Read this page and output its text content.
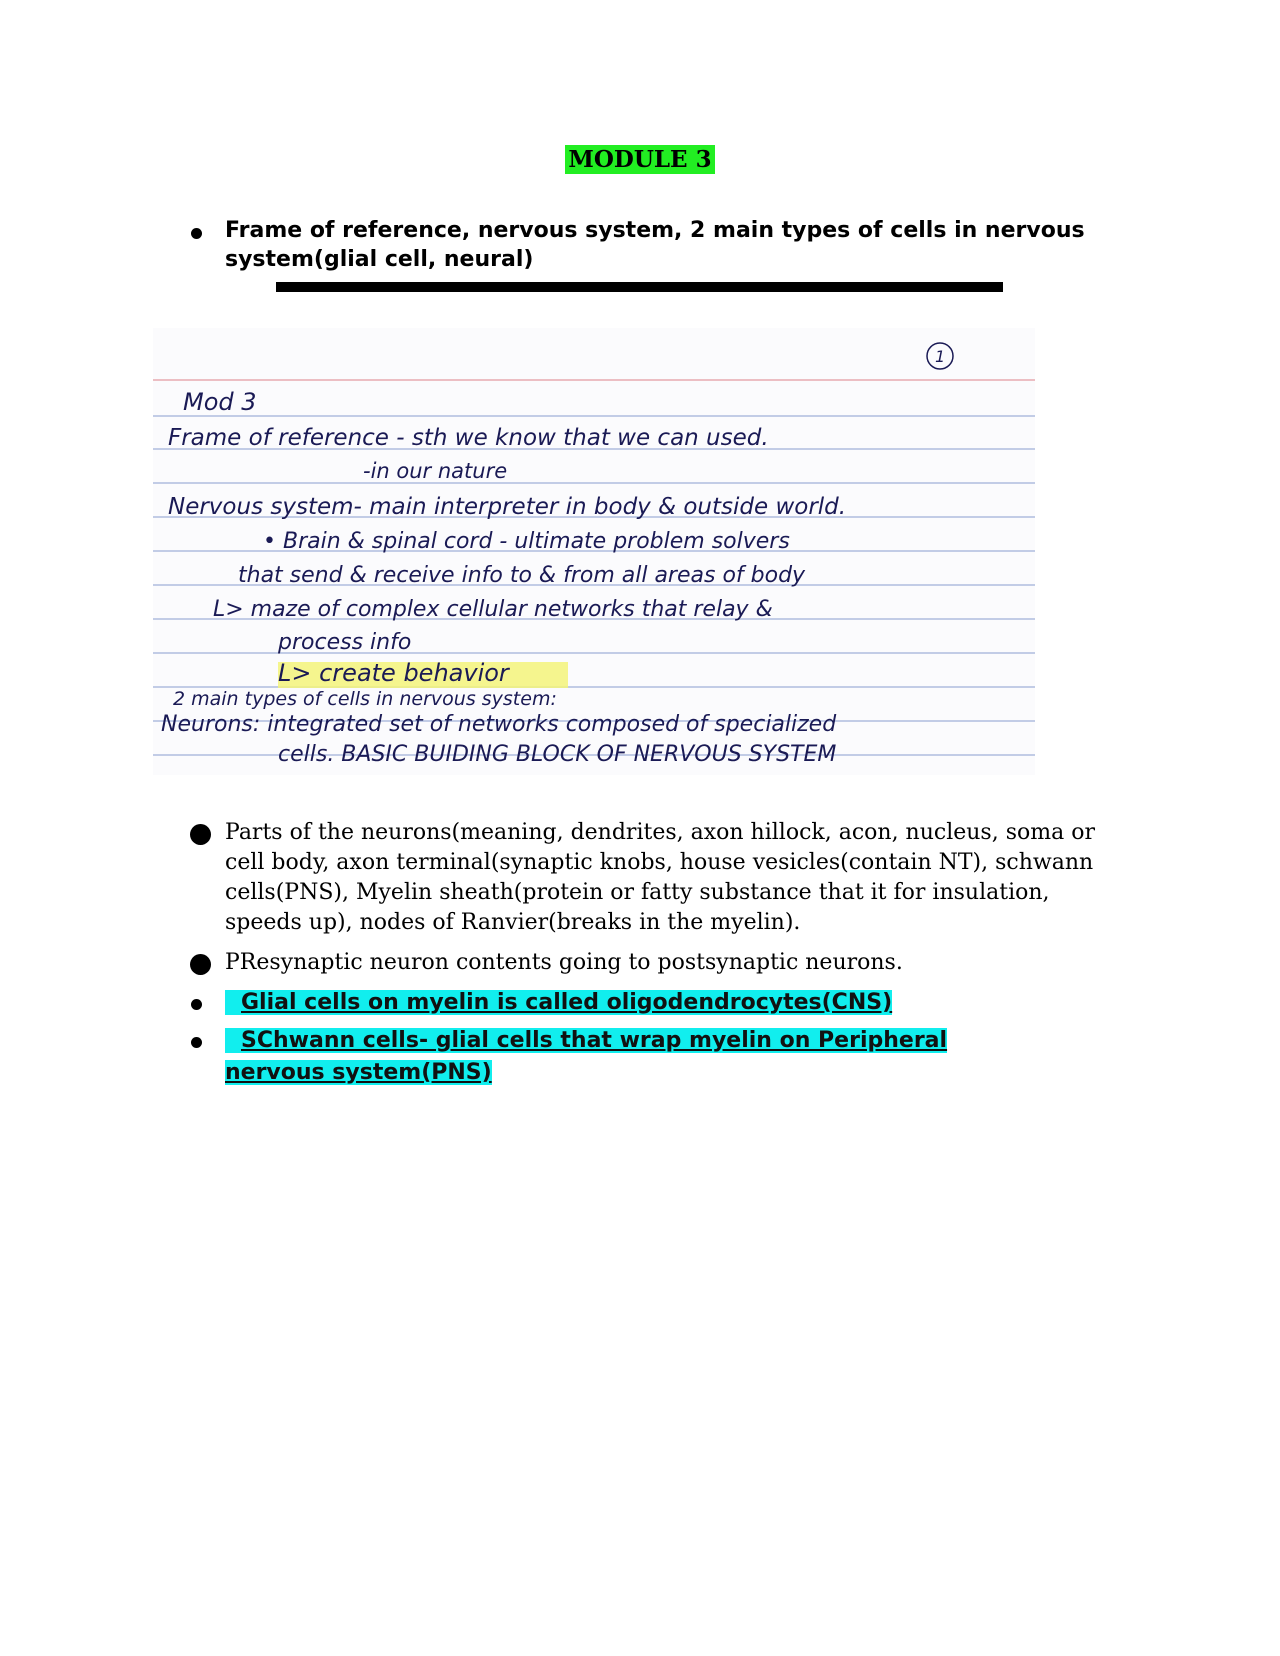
MODULE 3
Frame of reference, nervous system, 2 main types of cells in nervous system(glial cell, neural)
1
Mod 3
Frame of reference - sth we know that we can used.
-in our nature
Nervous system- main interpreter in body & outside world.
• Brain & spinal cord - ultimate problem solvers
that send & receive info to & from all areas of body
L> maze of complex cellular networks that relay &
process info
L> create behavior
2 main types of cells in nervous system:
Neurons: integrated set of networks composed of specialized
cells. BASIC BUIDING BLOCK OF NERVOUS SYSTEM
Parts of the neurons(meaning, dendrites, axon hillock, acon, nucleus, soma or cell body, axon terminal(synaptic knobs, house vesicles(contain NT), schwann cells(PNS), Myelin sheath(protein or fatty substance that it for insulation, speeds up), nodes of Ranvier(breaks in the myelin).
PResynaptic neuron contents going to postsynaptic neurons.
Glial cells on myelin is called oligodendrocytes(CNS)
SChwann cells- glial cells that wrap myelin on Peripheral
nervous system(PNS)
